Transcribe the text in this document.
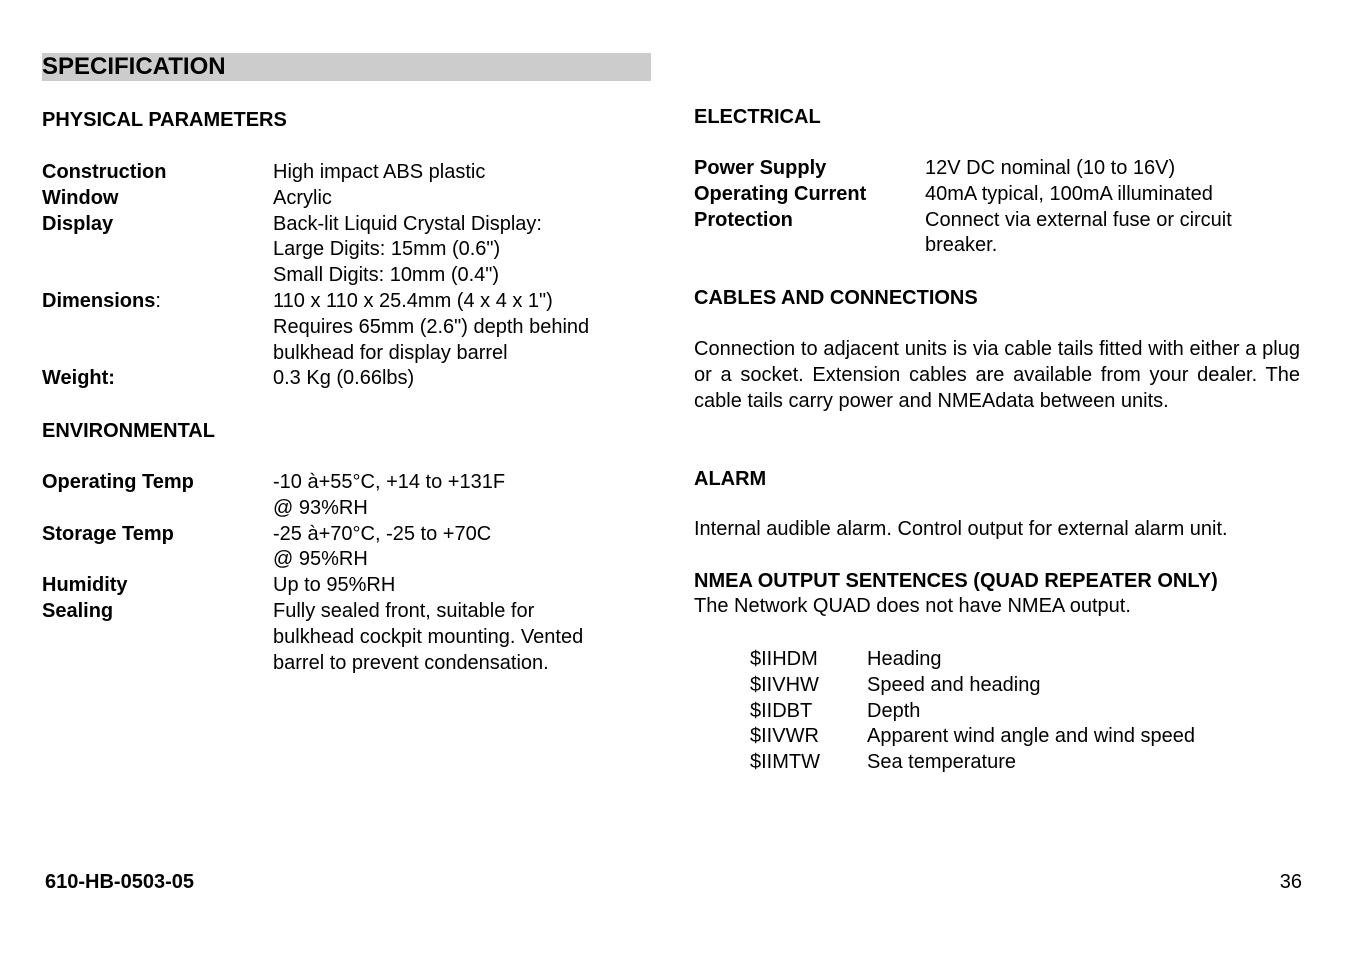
SPECIFICATION
PHYSICAL PARAMETERS
Construction	High impact ABS plastic
Window	Acrylic
Display	Back-lit Liquid Crystal Display:
Large Digits: 15mm (0.6")
Small Digits: 10mm (0.4")
Dimensions:	110 x 110 x 25.4mm (4 x 4 x 1")
Requires 65mm (2.6") depth behind
bulkhead for display barrel
Weight:	0.3 Kg (0.66lbs)
ENVIRONMENTAL
Operating Temp	-10 à+55°C, +14 to +131F
@ 93%RH
Storage Temp	-25 à+70°C, -25 to +70C
@ 95%RH
Humidity	Up to 95%RH
Sealing	Fully sealed front, suitable for
bulkhead cockpit mounting. Vented
barrel to prevent condensation.
ELECTRICAL
Power Supply	12V DC nominal (10 to 16V)
Operating Current	40mA typical, 100mA illuminated
Protection	Connect via external fuse or circuit
breaker.
CABLES AND CONNECTIONS
Connection to adjacent units is via cable tails fitted with either a plug or a socket. Extension cables are available from your dealer. The cable tails carry power and NMEAdata between units.
ALARM
Internal audible alarm. Control output for external alarm unit.
NMEA OUTPUT SENTENCES (QUAD REPEATER ONLY)
The Network QUAD does not have NMEA output.
$IIHDM	Heading
$IIVHW	Speed and heading
$IIDBT	Depth
$IIVWR	Apparent wind angle and wind speed
$IIMTW	Sea temperature
610-HB-0503-05	36
